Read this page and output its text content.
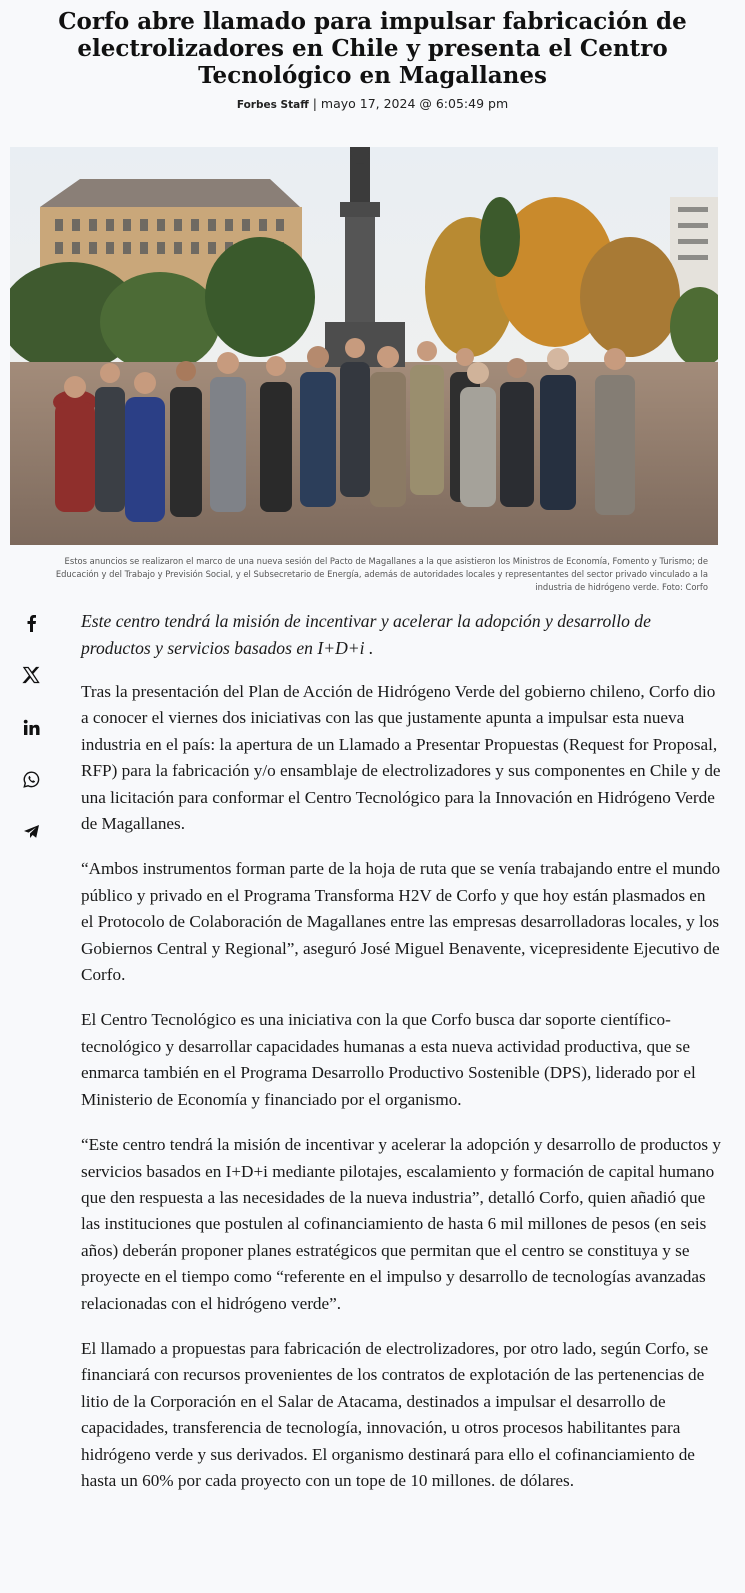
Corfo abre llamado para impulsar fabricación de electrolizadores en Chile y presenta el Centro Tecnológico en Magallanes
Forbes Staff | mayo 17, 2024 @ 6:05:49 pm
Estos anuncios se realizaron el marco de una nueva sesión del Pacto de Magallanes a la que asistieron los Ministros de Economía, Fomento y Turismo; de Educación y del Trabajo y Previsión Social, y el Subsecretario de Energía, además de autoridades locales y representantes del sector privado vinculado a la industria de hidrógeno verde. Foto: Corfo

Este centro tendrá la misión de incentivar y acelerar la adopción y desarrollo de productos y servicios basados en I+D+i .

Tras la presentación del Plan de Acción de Hidrógeno Verde del gobierno chileno, Corfo dio a conocer el viernes dos iniciativas con las que justamente apunta a impulsar esta nueva industria en el país: la apertura de un Llamado a Presentar Propuestas (Request for Proposal, RFP) para la fabricación y/o ensamblaje de electrolizadores y sus componentes en Chile y de una licitación para conformar el Centro Tecnológico para la Innovación en Hidrógeno Verde de Magallanes.

“Ambos instrumentos forman parte de la hoja de ruta que se venía trabajando entre el mundo público y privado en el Programa Transforma H2V de Corfo y que hoy están plasmados en el Protocolo de Colaboración de Magallanes entre las empresas desarrolladoras locales, y los Gobiernos Central y Regional”, aseguró José Miguel Benavente, vicepresidente Ejecutivo de Corfo.

El Centro Tecnológico es una iniciativa con la que Corfo busca dar soporte científico-tecnológico y desarrollar capacidades humanas a esta nueva actividad productiva, que se enmarca también en el Programa Desarrollo Productivo Sostenible (DPS), liderado por el Ministerio de Economía y financiado por el organismo.

“Este centro tendrá la misión de incentivar y acelerar la adopción y desarrollo de productos y servicios basados en I+D+i mediante pilotajes, escalamiento y formación de capital humano que den respuesta a las necesidades de la nueva industria”, detalló Corfo, quien añadió que las instituciones que postulen al cofinanciamiento de hasta 6 mil millones de pesos (en seis años) deberán proponer planes estratégicos que permitan que el centro se constituya y se proyecte en el tiempo como “referente en el impulso y desarrollo de tecnologías avanzadas relacionadas con el hidrógeno verde”.

El llamado a propuestas para fabricación de electrolizadores, por otro lado, según Corfo, se financiará con recursos provenientes de los contratos de explotación de las pertenencias de litio de la Corporación en el Salar de Atacama, destinados a impulsar el desarrollo de capacidades, transferencia de tecnología, innovación, u otros procesos habilitantes para hidrógeno verde y sus derivados. El organismo destinará para ello el cofinanciamiento de hasta un 60% por cada proyecto con un tope de 10 millones. de dólares.
